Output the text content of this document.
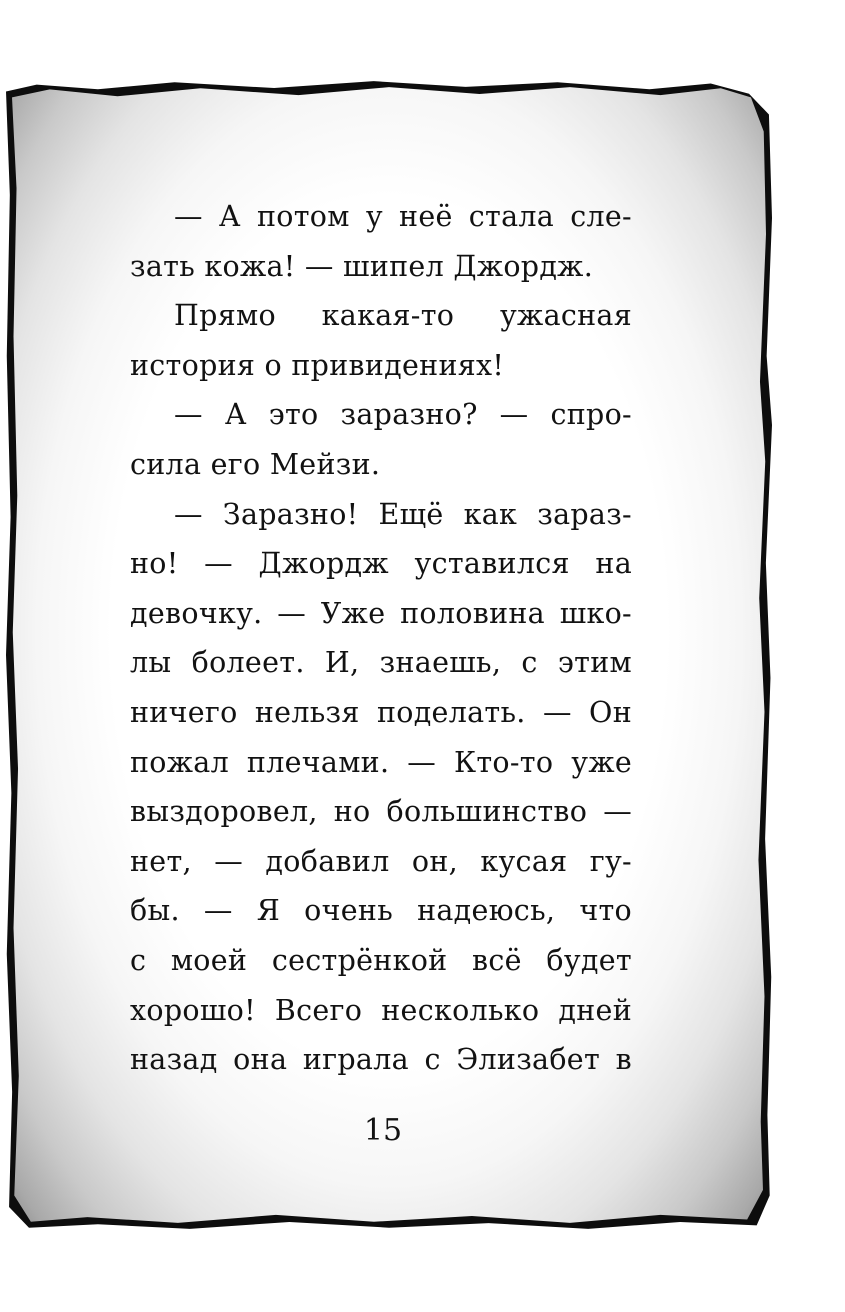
— А потом у неё стала сле-
зать кожа! — шипел Джордж.
Прямо какая-то ужасная
история о привидениях!
— А это заразно? — спро-
сила его Мейзи.
— Заразно! Ещё как зараз-
но! — Джордж уставился на
девочку. — Уже половина шко-
лы болеет. И, знаешь, с этим
ничего нельзя поделать. — Он
пожал плечами. — Кто-то уже
выздоровел, но большинство —
нет, — добавил он, кусая гу-
бы. — Я очень надеюсь, что
с моей сестрёнкой всё будет
хорошо! Всего несколько дней
назад она играла с Элизабет в
15
